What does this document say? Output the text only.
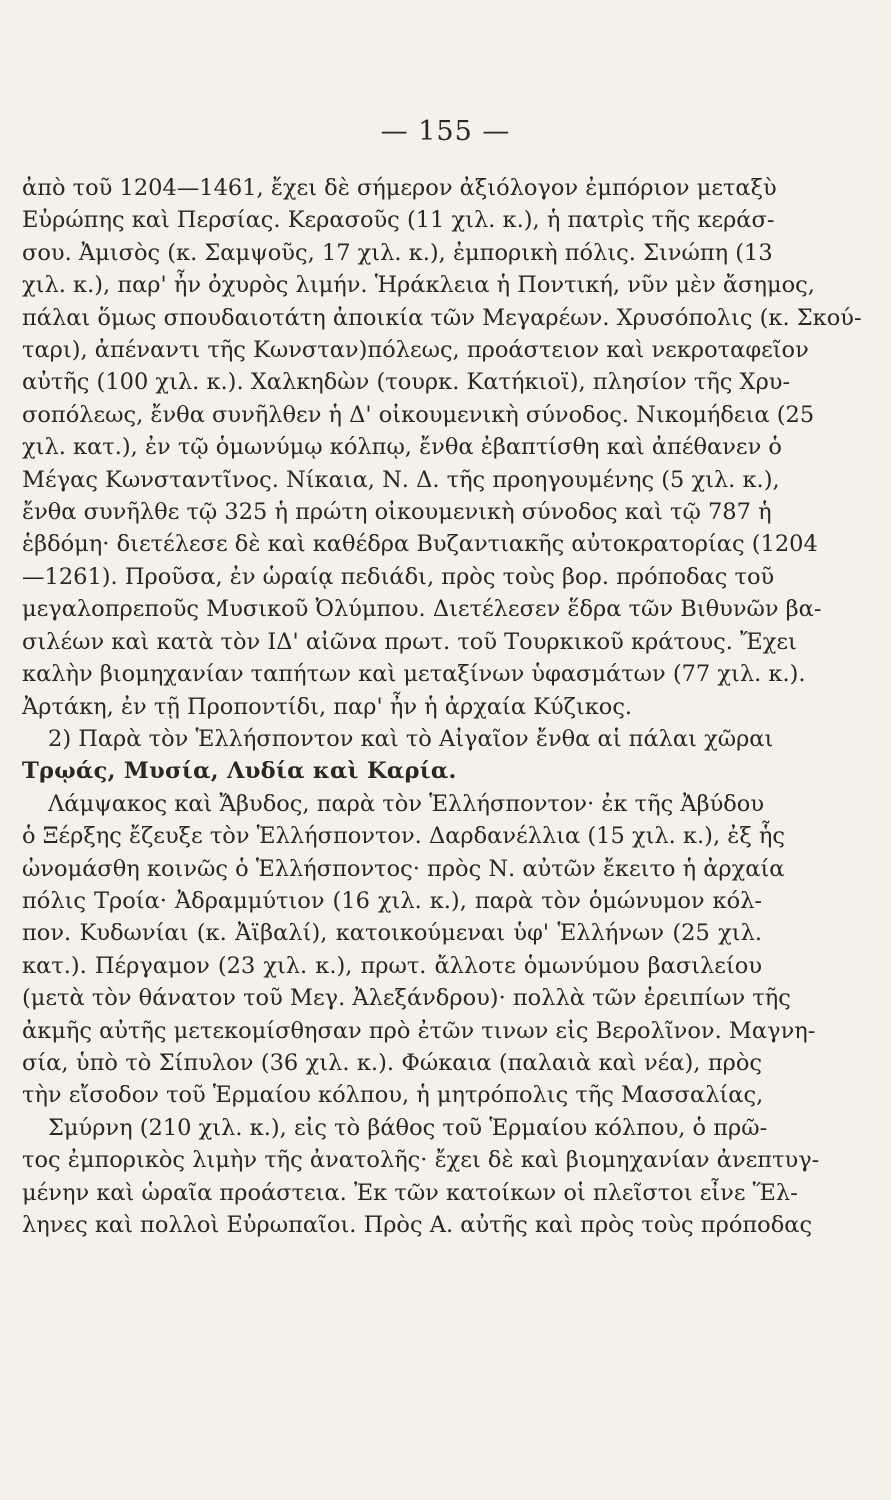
— 155 —
ἀπὸ τοῦ 1204—1461, ἔχει δὲ σήμερον ἀξιόλογον ἐμπόριον μεταξὺ
Εὐρώπης καὶ Περσίας. Κερασοῦς (11 χιλ. κ.), ἡ πατρὶς τῆς κεράσ-
σου. Ἀμισὸς (κ. Σαμψοῦς, 17 χιλ. κ.), ἐμπορικὴ πόλις. Σινώπη (13
χιλ. κ.), παρ' ἦν ὀχυρὸς λιμήν. Ἡράκλεια ἡ Ποντική, νῦν μὲν ἄσημος,
πάλαι ὅμως σπουδαιοτάτη ἀποικία τῶν Μεγαρέων. Χρυσόπολις (κ. Σκού-
ταρι), ἀπέναντι τῆς Κωνσταν)πόλεως, προάστειον καὶ νεκροταφεῖον
αὐτῆς (100 χιλ. κ.). Χαλκηδὼν (τουρκ. Κατήκιοϊ), πλησίον τῆς Χρυ-
σοπόλεως, ἔνθα συνῆλθεν ἡ Δ' οἰκουμενικὴ σύνοδος. Νικομήδεια (25
χιλ. κατ.), ἐν τῷ ὁμωνύμῳ κόλπῳ, ἔνθα ἐβαπτίσθη καὶ ἀπέθανεν ὁ
Μέγας Κωνσταντῖνος. Νίκαια, Ν. Δ. τῆς προηγουμένης (5 χιλ. κ.),
ἔνθα συνῆλθε τῷ 325 ἡ πρώτη οἰκουμενικὴ σύνοδος καὶ τῷ 787 ἡ
ἑβδόμη· διετέλεσε δὲ καὶ καθέδρα Βυζαντιακῆς αὐτοκρατορίας (1204
—1261). Προῦσα, ἐν ὡραίᾳ πεδιάδι, πρὸς τοὺς βορ. πρόποδας τοῦ
μεγαλοπρεποῦς Μυσικοῦ Ὀλύμπου. Διετέλεσεν ἕδρα τῶν Βιθυνῶν βα-
σιλέων καὶ κατὰ τὸν ΙΔ' αἰῶνα πρωτ. τοῦ Τουρκικοῦ κράτους. Ἔχει
καλὴν βιομηχανίαν ταπήτων καὶ μεταξίνων ὑφασμάτων (77 χιλ. κ.).
Ἀρτάκη, ἐν τῇ Προποντίδι, παρ' ἦν ἡ ἀρχαία Κύζικος.
2) Παρὰ τὸν Ἑλλήσποντον καὶ τὸ Αἰγαῖον ἔνθα αἱ πάλαι χῶραι
Τρῳάς, Μυσία, Λυδία καὶ Καρία.
Λάμψακος καὶ Ἄβυδος, παρὰ τὸν Ἑλλήσποντον· ἐκ τῆς Ἀβύδου
ὁ Ξέρξης ἔζευξε τὸν Ἑλλήσποντον. Δαρδανέλλια (15 χιλ. κ.), ἐξ ἧς
ὠνομάσθη κοινῶς ὁ Ἑλλήσποντος· πρὸς Ν. αὐτῶν ἔκειτο ἡ ἀρχαία
πόλις Τροία· Ἀδραμμύτιον (16 χιλ. κ.), παρὰ τὸν ὁμώνυμον κόλ-
πον. Κυδωνίαι (κ. Ἀϊβαλί), κατοικούμεναι ὑφ' Ἑλλήνων (25 χιλ.
κατ.). Πέργαμον (23 χιλ. κ.), πρωτ. ἄλλοτε ὁμωνύμου βασιλείου
(μετὰ τὸν θάνατον τοῦ Μεγ. Ἀλεξάνδρου)· πολλὰ τῶν ἐρειπίων τῆς
ἀκμῆς αὐτῆς μετεκομίσθησαν πρὸ ἐτῶν τινων εἰς Βερολῖνον. Μαγνη-
σία, ὑπὸ τὸ Σίπυλον (36 χιλ. κ.). Φώκαια (παλαιὰ καὶ νέα), πρὸς
τὴν εἴσοδον τοῦ Ἑρμαίου κόλπου, ἡ μητρόπολις τῆς Μασσαλίας,
Σμύρνη (210 χιλ. κ.), εἰς τὸ βάθος τοῦ Ἑρμαίου κόλπου, ὁ πρῶ-
τος ἐμπορικὸς λιμὴν τῆς ἀνατολῆς· ἔχει δὲ καὶ βιομηχανίαν ἀνεπτυγ-
μένην καὶ ὡραῖα προάστεια. Ἐκ τῶν κατοίκων οἱ πλεῖστοι εἶνε Ἕλ-
ληνες καὶ πολλοὶ Εὐρωπαῖοι. Πρὸς Α. αὐτῆς καὶ πρὸς τοὺς πρόποδας
